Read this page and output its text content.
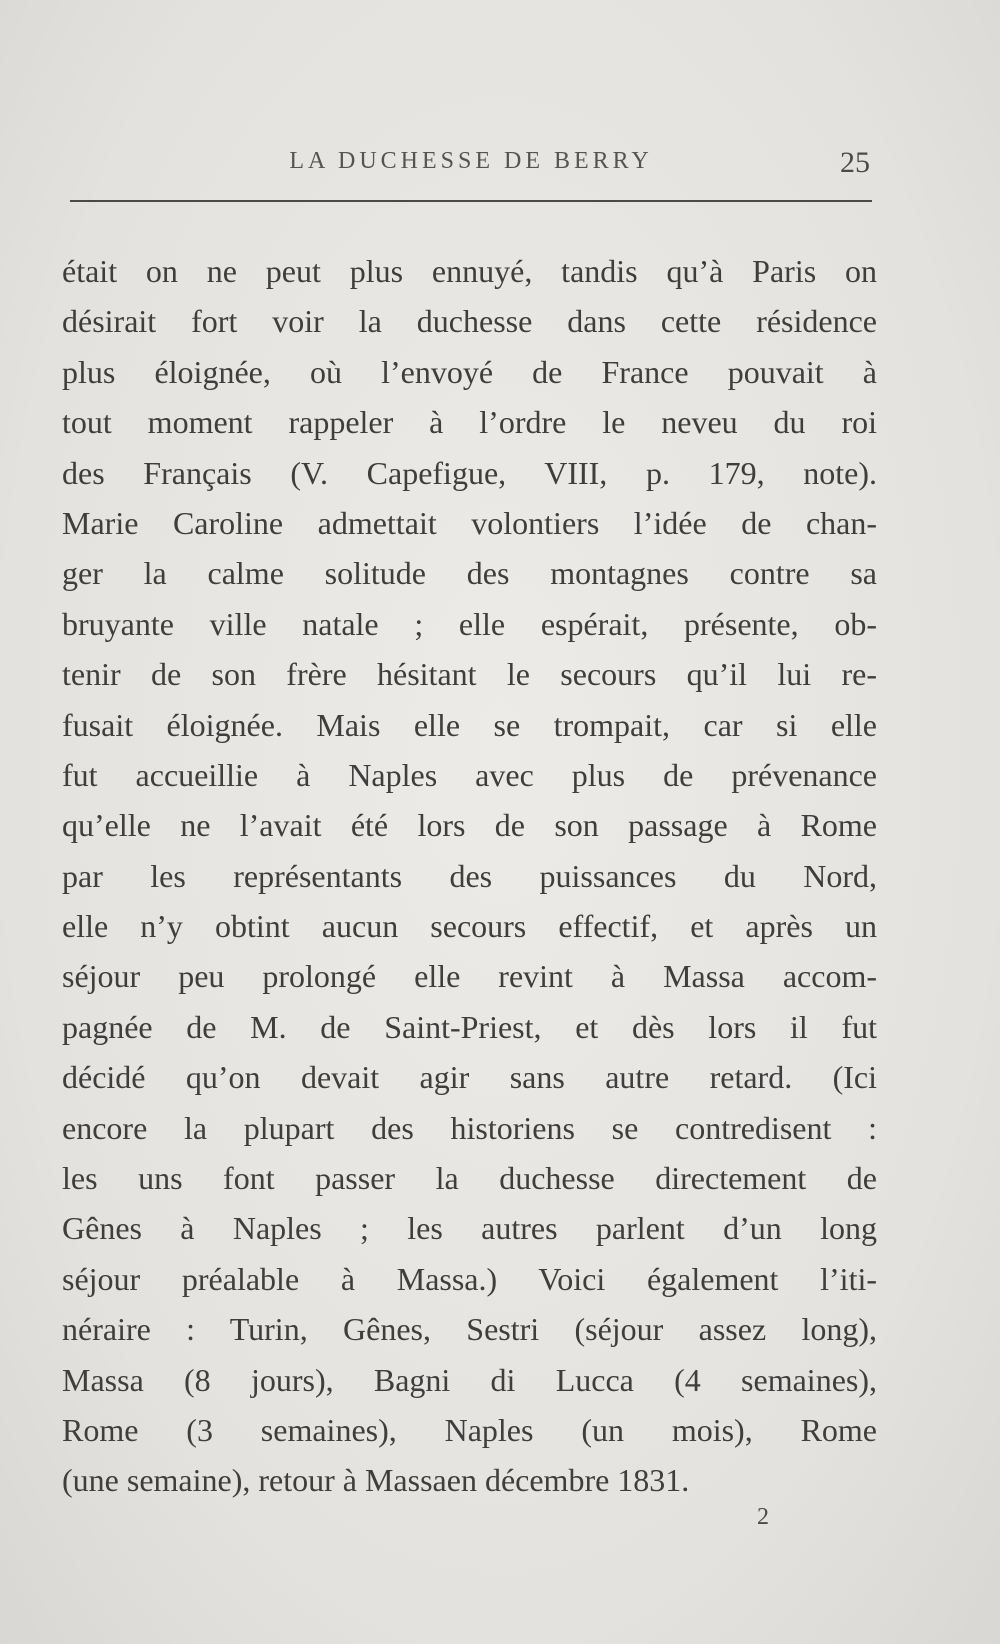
LA DUCHESSE DE BERRY	25
était on ne peut plus ennuyé, tandis qu’à Paris on
désirait fort voir la duchesse dans cette résidence
plus éloignée, où l’envoyé de France pouvait à
tout moment rappeler à l’ordre le neveu du roi
des Français (V. Capefigue, VIII, p. 179, note).
Marie Caroline admettait volontiers l’idée de chan-
ger la calme solitude des montagnes contre sa
bruyante ville natale ; elle espérait, présente, ob-
tenir de son frère hésitant le secours qu’il lui re-
fusait éloignée. Mais elle se trompait, car si elle
fut accueillie à Naples avec plus de prévenance
qu’elle ne l’avait été lors de son passage à Rome
par les représentants des puissances du Nord,
elle n’y obtint aucun secours effectif, et après un
séjour peu prolongé elle revint à Massa accom-
pagnée de M. de Saint-Priest, et dès lors il fut
décidé qu’on devait agir sans autre retard. (Ici
encore la plupart des historiens se contredisent :
les uns font passer la duchesse directement de
Gênes à Naples ; les autres parlent d’un long
séjour préalable à Massa.) Voici également l’iti-
néraire : Turin, Gênes, Sestri (séjour assez long),
Massa (8 jours), Bagni di Lucca (4 semaines),
Rome (3 semaines), Naples (un mois), Rome
(une semaine), retour à Massaen décembre 1831.
2
